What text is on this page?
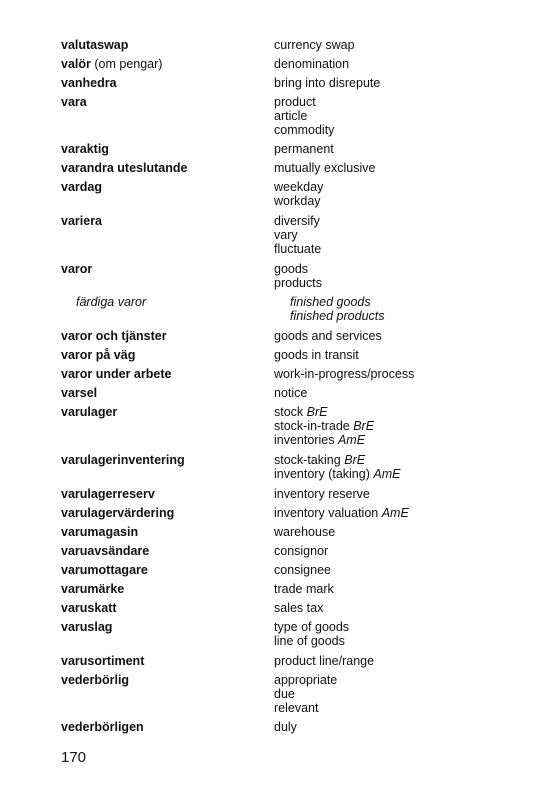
valutaswap	currency swap
valör (om pengar)	denomination
vanhedra	bring into disrepute
vara	product
article
commodity
varaktig	permanent
varandra uteslutande	mutually exclusive
vardag	weekday
workday
variera	diversify
vary
fluctuate
varor	goods
products
färdiga varor	finished goods
finished products
varor och tjänster	goods and services
varor på väg	goods in transit
varor under arbete	work-in-progress/process
varsel	notice
varulager	stock BrE
stock-in-trade BrE
inventories AmE
varulagerinventering	stock-taking BrE
inventory (taking) AmE
varulagerreserv	inventory reserve
varulagervärdering	inventory valuation AmE
varumagasin	warehouse
varuavsändare	consignor
varumottagare	consignee
varumärke	trade mark
varuskatt	sales tax
varuslag	type of goods
line of goods
varusortiment	product line/range
vederbörlig	appropriate
due
relevant
vederbörligen	duly
170
